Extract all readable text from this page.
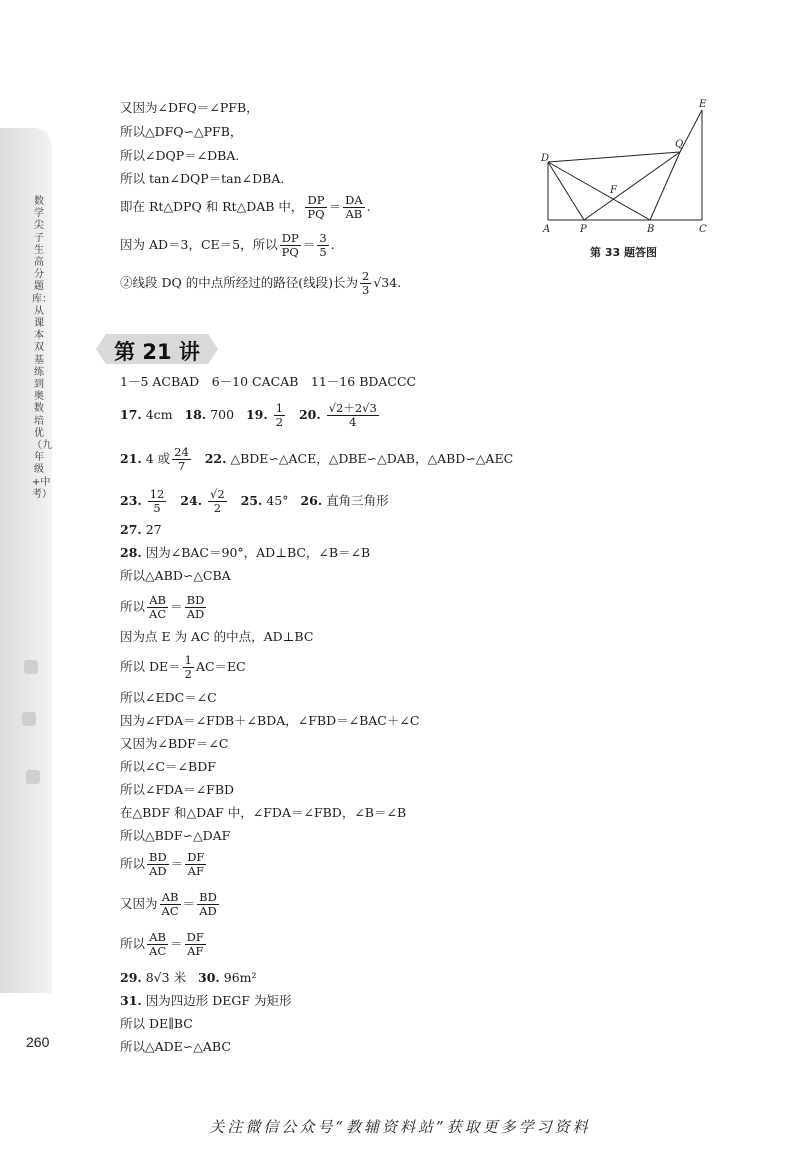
数学尖子生高分题库：从课本双基练到奥数培优（九年级+中考）
260
又因为∠DFQ＝∠PFB，
所以△DFQ∽△PFB，
所以∠DQP＝∠DBA.
所以 tan∠DQP＝tan∠DBA.
即在 Rt△DPQ 和 Rt△DAB 中， $\frac{DP}{PQ} = \frac{DA}{AB}$ .
因为 AD＝3，CE＝5，所以 $\frac{DP}{PQ} = \frac{3}{5}$ .
②线段 DQ 的中点所经过的路径(线段)长为 $\frac{2}{3} √34$.
E
Q
D
F
A	P	B	C
第 33 题答图
第 21 讲
1－5 ACBAD　6－10 CACAB　11－16 BDACCC
17. 4cm 18. 700 19. $\frac{1}{2} 20$. $\frac{√2+2√3}{4}$
21. 4 或 $\frac{24}{7} 22$. △BDE∽△ACE，△DBE∽△DAB，△ABD∽△AEC
23. $\frac{12}{5} 24$. $\frac{√2}{2} 25$. 45° 26. 直角三角形
27. 27
28. 因为∠BAC＝90°，AD⊥BC，∠B＝∠B
所以△ABD∽△CBA
所以 $\frac{AB}{AC} = \frac{BD}{AD}$
因为点 E 为 AC 的中点，AD⊥BC
所以 $DE= \frac{1}{2} AC=EC$
所以∠EDC＝∠C
因为∠FDA＝∠FDB＋∠BDA，∠FBD＝∠BAC＋∠C
又因为∠BDF＝∠C
所以∠C＝∠BDF
所以∠FDA＝∠FBD
在△BDF 和△DAF 中，∠FDA＝∠FBD，∠B＝∠B
所以△BDF∽△DAF
所以 $\frac{BD}{AD} = \frac{DF}{AF}$
又因为 $\frac{AB}{AC} = \frac{BD}{AD}$
所以 $\frac{AB}{AC} = \frac{DF}{AF}$
29. 8√3 米 30. 96m²
31. 因为四边形 DEGF 为矩形
所以 DE∥BC
所以△ADE∽△ABC
关注微信公众号“教辅资料站”获取更多学习资料
